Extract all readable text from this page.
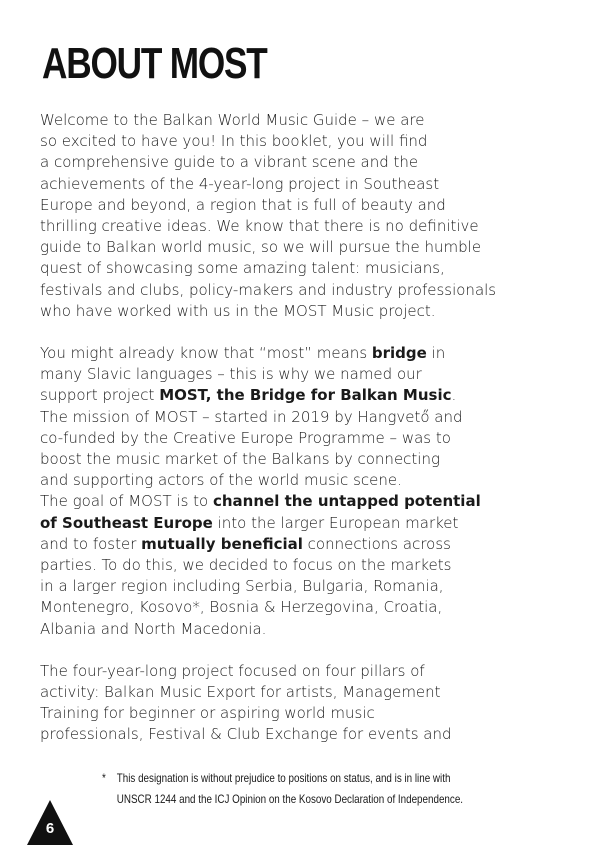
ABOUT MOST

Welcome to the Balkan World Music Guide – we are
so excited to have you! In this booklet, you will find
a comprehensive guide to a vibrant scene and the
achievements of the 4-year-long project in Southeast
Europe and beyond, a region that is full of beauty and
thrilling creative ideas. We know that there is no definitive
guide to Balkan world music, so we will pursue the humble
quest of showcasing some amazing talent: musicians,
festivals and clubs, policy-makers and industry professionals
who have worked with us in the MOST Music project.

You might already know that “most” means bridge in
many Slavic languages – this is why we named our
support project MOST, the Bridge for Balkan Music.
The mission of MOST – started in 2019 by Hangvető and
co-funded by the Creative Europe Programme – was to
boost the music market of the Balkans by connecting
and supporting actors of the world music scene.
The goal of MOST is to channel the untapped potential
of Southeast Europe into the larger European market
and to foster mutually beneficial connections across
parties. To do this, we decided to focus on the markets
in a larger region including Serbia, Bulgaria, Romania,
Montenegro, Kosovo*, Bosnia & Herzegovina, Croatia,
Albania and North Macedonia.

The four-year-long project focused on four pillars of
activity: Balkan Music Export for artists, Management
Training for beginner or aspiring world music
professionals, Festival & Club Exchange for events and

* This designation is without prejudice to positions on status, and is in line with
UNSCR 1244 and the ICJ Opinion on the Kosovo Declaration of Independence.
6
